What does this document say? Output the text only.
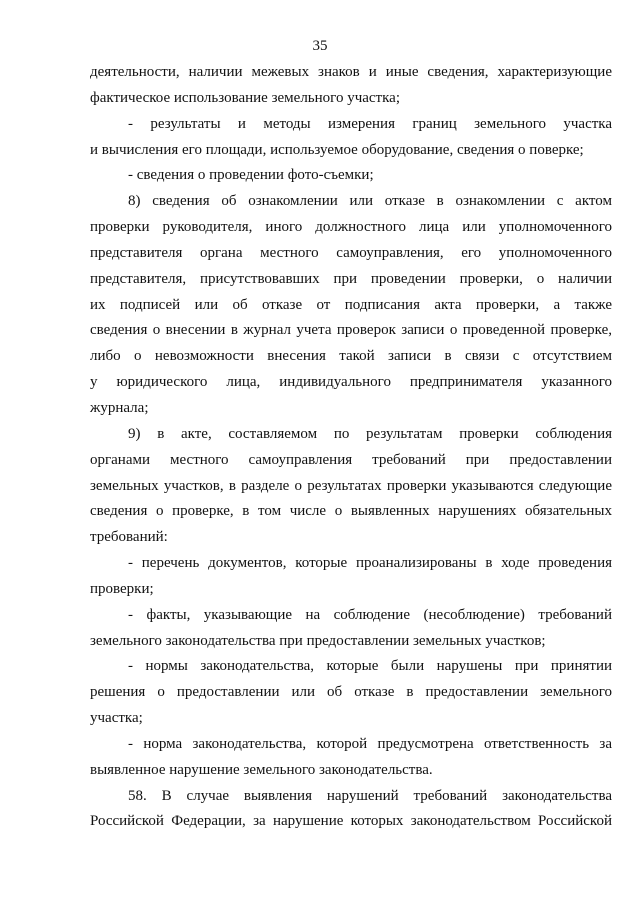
35
деятельности, наличии межевых знаков и иные сведения, характеризующие
фактическое использование земельного участка;
- результаты и методы измерения границ земельного участка
и вычисления его площади, используемое оборудование, сведения о поверке;
- сведения о проведении фото-съемки;
8) сведения об ознакомлении или отказе в ознакомлении с актом
проверки руководителя, иного должностного лица или уполномоченного
представителя органа местного самоуправления, его уполномоченного
представителя, присутствовавших при проведении проверки, о наличии
их подписей или об отказе от подписания акта проверки, а также
сведения о внесении в журнал учета проверок записи о проведенной проверке,
либо о невозможности внесения такой записи в связи с отсутствием
у юридического лица, индивидуального предпринимателя указанного
журнала;
9) в акте, составляемом по результатам проверки соблюдения
органами местного самоуправления требований при предоставлении
земельных участков, в разделе о результатах проверки указываются следующие
сведения о проверке, в том числе о выявленных нарушениях обязательных
требований:
- перечень документов, которые проанализированы в ходе проведения
проверки;
- факты, указывающие на соблюдение (несоблюдение) требований
земельного законодательства при предоставлении земельных участков;
- нормы законодательства, которые были нарушены при принятии
решения о предоставлении или об отказе в предоставлении земельного
участка;
- норма законодательства, которой предусмотрена ответственность за
выявленное нарушение земельного законодательства.
58. В случае выявления нарушений требований законодательства
Российской Федерации, за нарушение которых законодательством Российской
